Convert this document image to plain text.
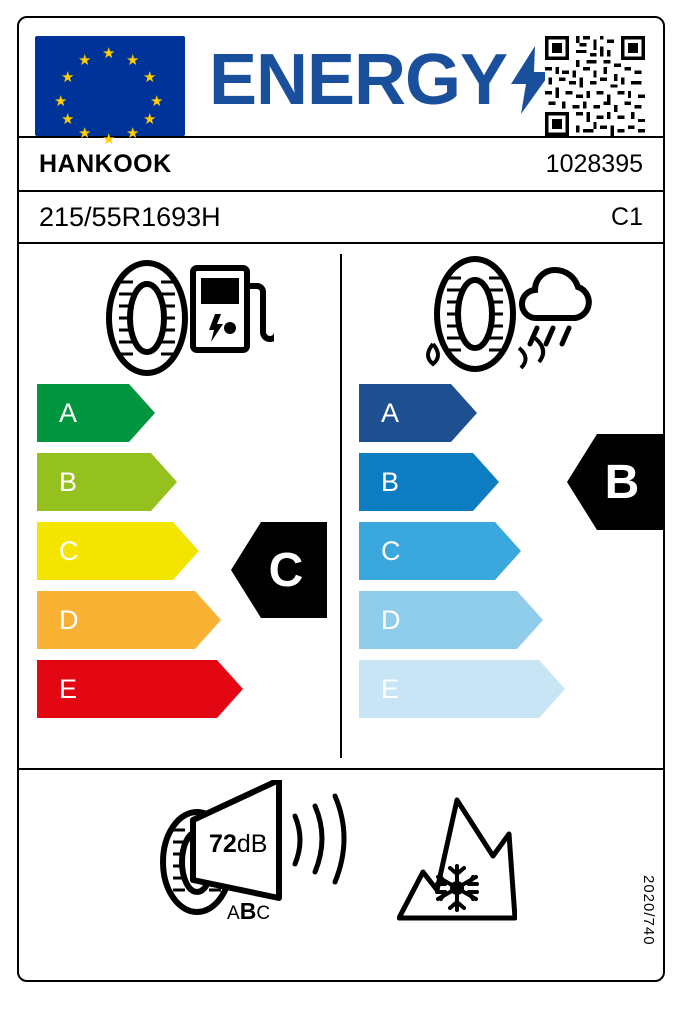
★ ★
★
★
★
★
★
★
★
★ ★ ★
ENERGY
HANKOOK	1028395
215/55R1693H	C1
A
B
C
D
E
C
A
B
C
D
E
B
72dB
ABC	2020/740
